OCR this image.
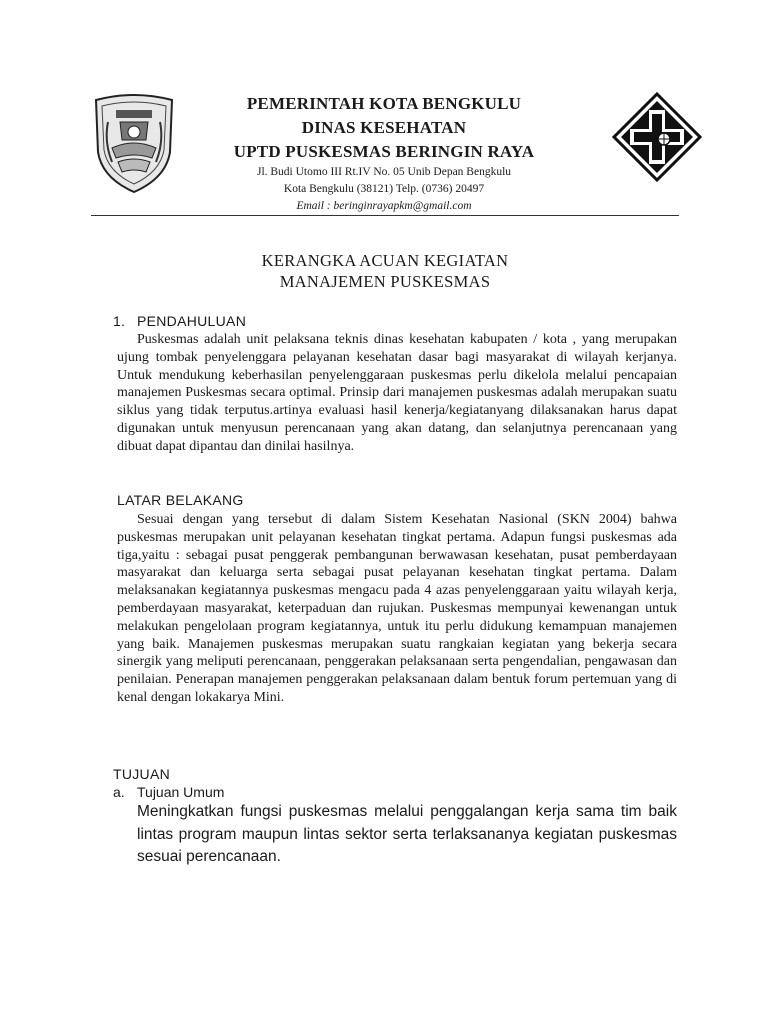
PEMERINTAH KOTA BENGKULU
DINAS KESEHATAN
UPTD PUSKESMAS BERINGIN RAYA
Jl. Budi Utomo III Rt.IV No. 05 Unib Depan Bengkulu
Kota Bengkulu (38121) Telp. (0736) 20497
Email : beringinrayapkm@gmail.com
KERANGKA ACUAN KEGIATAN
MANAJEMEN PUSKESMAS
1. PENDAHULUAN
Puskesmas adalah unit pelaksana teknis dinas kesehatan kabupaten / kota , yang merupakan ujung tombak penyelenggara pelayanan kesehatan dasar bagi masyarakat di wilayah kerjanya. Untuk mendukung keberhasilan penyelenggaraan puskesmas perlu dikelola melalui pencapaian manajemen Puskesmas secara optimal. Prinsip dari manajemen puskesmas adalah merupakan suatu siklus yang tidak terputus.artinya evaluasi hasil kenerja/kegiatanyang dilaksanakan harus dapat digunakan untuk menyusun perencanaan yang akan datang, dan selanjutnya perencanaan yang dibuat dapat dipantau dan dinilai hasilnya.
LATAR BELAKANG
Sesuai dengan yang tersebut di dalam Sistem Kesehatan Nasional (SKN 2004) bahwa puskesmas merupakan unit pelayanan kesehatan tingkat pertama. Adapun fungsi puskesmas ada tiga,yaitu : sebagai pusat penggerak pembangunan berwawasan kesehatan, pusat pemberdayaan masyarakat dan keluarga serta sebagai pusat pelayanan kesehatan tingkat pertama. Dalam melaksanakan kegiatannya puskesmas mengacu pada 4 azas penyelenggaraan yaitu wilayah kerja, pemberdayaan masyarakat, keterpaduan dan rujukan. Puskesmas mempunyai kewenangan untuk melakukan pengelolaan program kegiatannya, untuk itu perlu didukung kemampuan manajemen yang baik. Manajemen puskesmas merupakan suatu rangkaian kegiatan yang bekerja secara sinergik yang meliputi perencanaan, penggerakan pelaksanaan serta pengendalian, pengawasan dan penilaian. Penerapan manajemen penggerakan pelaksanaan dalam bentuk forum pertemuan yang di kenal dengan lokakarya Mini.
TUJUAN
a. Tujuan Umum
Meningkatkan fungsi puskesmas melalui penggalangan kerja sama tim baik lintas program maupun lintas sektor serta terlaksananya kegiatan puskesmas sesuai perencanaan.
